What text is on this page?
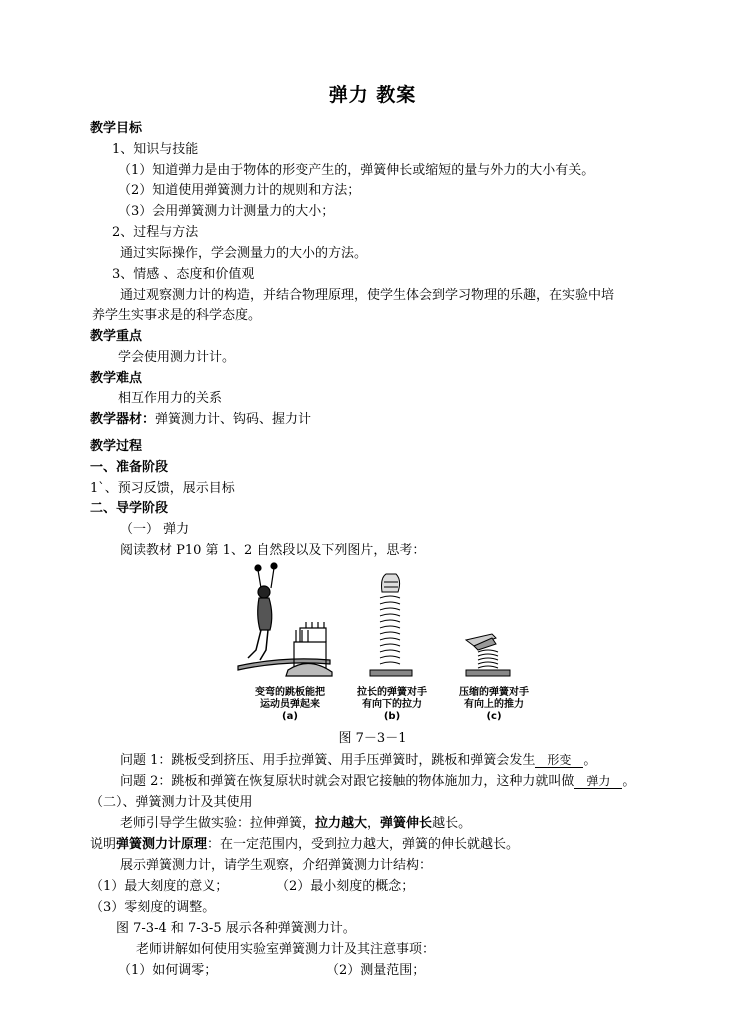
弹力 教案
教学目标
1、知识与技能
（1）知道弹力是由于物体的形变产生的，弹簧伸长或缩短的量与外力的大小有关。
（2）知道使用弹簧测力计的规则和方法；
（3）会用弹簧测力计测量力的大小；
2、过程与方法
通过实际操作，学会测量力的大小的方法。
3、情感 、态度和价值观
通过观察测力计的构造，并结合物理原理，使学生体会到学习物理的乐趣，在实验中培
养学生实事求是的科学态度。
教学重点
学会使用测力计计。
教学难点
相互作用力的关系
教学器材：弹簧测力计、钩码、握力计
教学过程
一、准备阶段
1`、预习反馈，展示目标
二、导学阶段
（一） 弹力
阅读教材 P10 第 1、2 自然段以及下列图片，思考：
变弯的跳板能把
运动员弹起来
(a)
拉长的弹簧对手
有向下的拉力
(b)
压缩的弹簧对手
有向上的推力
(c)
图 7－3－1
问题 1：跳板受到挤压、用手拉弹簧、用手压弹簧时，跳板和弹簧会发生 形变 。
问题 2：跳板和弹簧在恢复原状时就会对跟它接触的物体施加力，这种力就叫做 弹力 。
（二）、弹簧测力计及其使用
老师引导学生做实验：拉伸弹簧，拉力越大，弹簧伸长越长。
说明弹簧测力计原理：在一定范围内，受到拉力越大，弹簧的伸长就越长。
展示弹簧测力计，请学生观察，介绍弹簧测力计结构：
（1）最大刻度的意义；	（2）最小刻度的概念；
（3）零刻度的调整。
图 7-3-4 和 7-3-5 展示各种弹簧测力计。
老师讲解如何使用实验室弹簧测力计及其注意事项：
（1）如何调零；	（2）测量范围；
